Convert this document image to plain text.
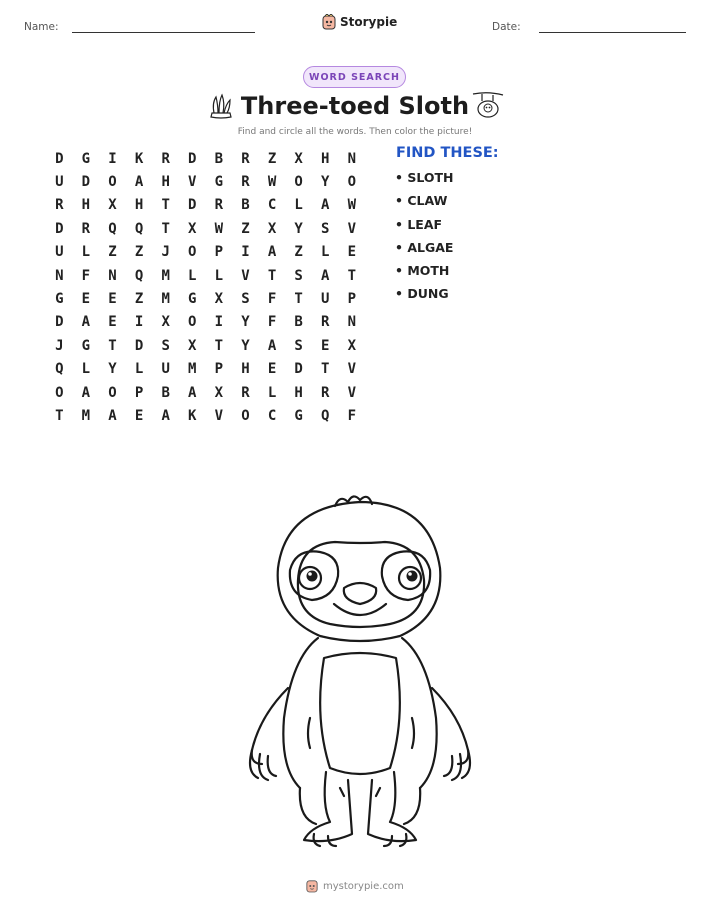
Name:	Storypie	Date:
WORD SEARCH
Three-toed Sloth
Find and circle all the words. Then color the picture!
D	G	I	K	R	D	B	R	Z	X	H	N
U	D	O	A	H	V	G	R	W	O	Y	O
R	H	X	H	T	D	R	B	C	L	A	W
D	R	Q	Q	T	X	W	Z	X	Y	S	V
U	L	Z	Z	J	O	P	I	A	Z	L	E
N	F	N	Q	M	L	L	V	T	S	A	T
G	E	E	Z	M	G	X	S	F	T	U	P
D	A	E	I	X	O	I	Y	F	B	R	N
J	G	T	D	S	X	T	Y	A	S	E	X
Q	L	Y	L	U	M	P	H	E	D	T	V
O	A	O	P	B	A	X	R	L	H	R	V
T	M	A	E	A	K	V	O	C	G	Q	F
FIND THESE:
• SLOTH
• CLAW
• LEAF
• ALGAE
• MOTH
• DUNG
mystorypie.com
